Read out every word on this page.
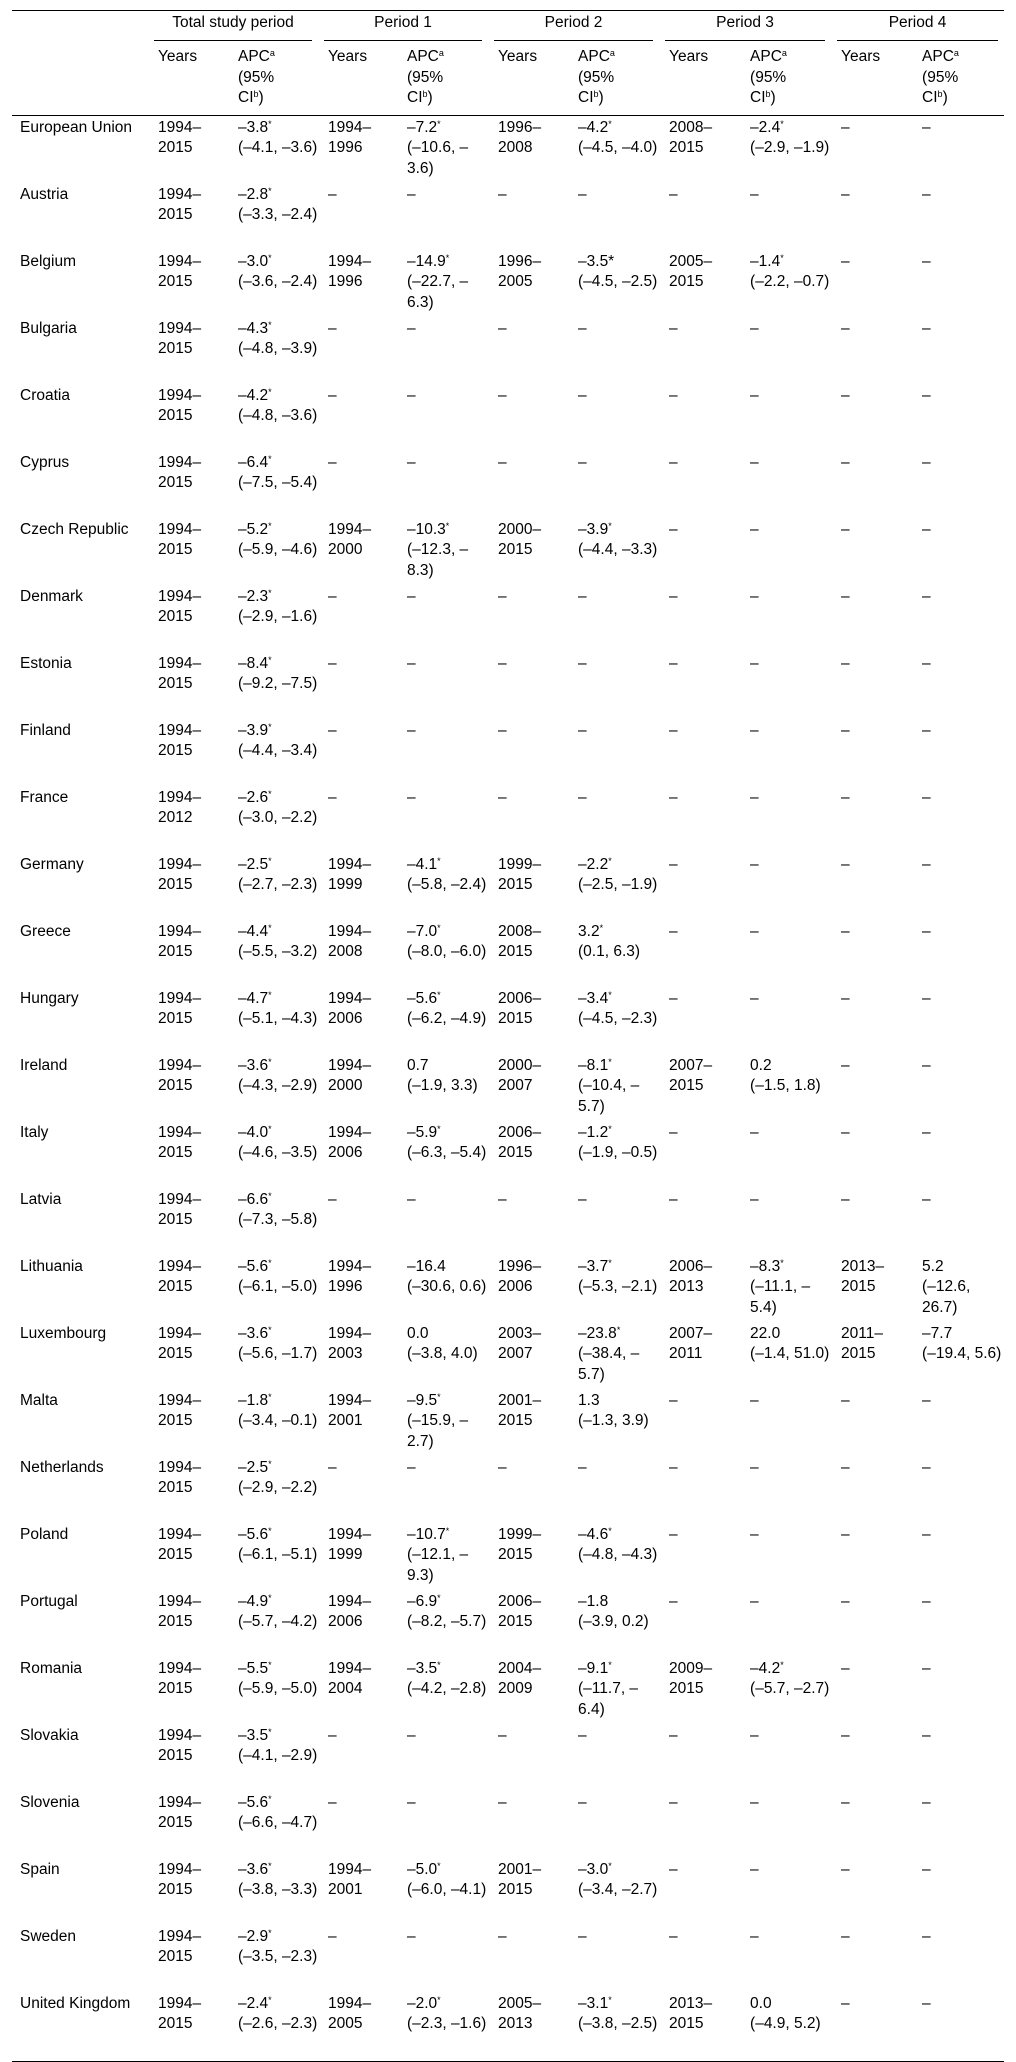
	Total study period		Period 1		Period 2		Period 3		Period 4	

	Years	APC$^a$
(95%
$CI^b$)	Years	APC$^a$
(95%
$CI^b$)	Years	APC$^a$
(95%
$CI^b$)	Years	APC$^a$
(95%
$CI^b$)	Years	APC$^a$
(95%
$CI^b$)

European Union	1994–2015	–3.8*
(–4.1, –3.6)	1994–1996	–7.2*
(–10.6, –3.6)	1996–2008	–4.2*
(–4.5, –4.0)	2008–2015	–2.4*
(–2.9, –1.9)	–	–

Austria	1994–2015	–2.8*
(–3.3, –2.4)	–	–	–	–	–	–	–	–

Belgium	1994–2015	–3.0*
(–3.6, –2.4)	1994–1996	–14.9*
(–22.7, –6.3)	1996–2005	–3.5*
(–4.5, –2.5)	2005–2015	–1.4*
(–2.2, –0.7)	–	–

Bulgaria	1994–2015	–4.3*
(–4.8, –3.9)	–	–	–	–	–	–	–	–

Croatia	1994–2015	–4.2*
(–4.8, –3.6)	–	–	–	–	–	–	–	–

Cyprus	1994–2015	–6.4*
(–7.5, –5.4)	–	–	–	–	–	–	–	–

Czech Republic	1994–2015	–5.2*
(–5.9, –4.6)	1994–2000	–10.3*
(–12.3, –8.3)	2000–2015	–3.9*
(–4.4, –3.3)	–	–	–	–

Denmark	1994–2015	–2.3*
(–2.9, –1.6)	–	–	–	–	–	–	–	–

Estonia	1994–2015	–8.4*
(–9.2, –7.5)	–	–	–	–	–	–	–	–

Finland	1994–2015	–3.9*
(–4.4, –3.4)	–	–	–	–	–	–	–	–

France	1994–2012	–2.6*
(–3.0, –2.2)	–	–	–	–	–	–	–	–

Germany	1994–2015	–2.5*
(–2.7, –2.3)	1994–1999	–4.1*
(–5.8, –2.4)	1999–2015	–2.2*
(–2.5, –1.9)	–	–	–	–

Greece	1994–2015	–4.4*
(–5.5, –3.2)	1994–2008	–7.0*
(–8.0, –6.0)	2008–2015	3.2*
(0.1, 6.3)	–	–	–	–

Hungary	1994–2015	–4.7*
(–5.1, –4.3)	1994–2006	–5.6*
(–6.2, –4.9)	2006–2015	–3.4*
(–4.5, –2.3)	–	–	–	–

Ireland	1994–2015	–3.6*
(–4.3, –2.9)	1994–2000	0.7
(–1.9, 3.3)	2000–2007	–8.1*
(–10.4, –5.7)	2007–2015	0.2
(–1.5, 1.8)	–	–

Italy	1994–2015	–4.0*
(–4.6, –3.5)	1994–2006	–5.9*
(–6.3, –5.4)	2006–2015	–1.2*
(–1.9, –0.5)	–	–	–	–

Latvia	1994–2015	–6.6*
(–7.3, –5.8)	–	–	–	–	–	–	–	–

Lithuania	1994–2015	–5.6*
(–6.1, –5.0)	1994–1996	–16.4
(–30.6, 0.6)	1996–2006	–3.7*
(–5.3, –2.1)	2006–2013	–8.3*
(–11.1, –5.4)	2013–2015	5.2
(–12.6, 26.7)
Luxembourg	1994–2015	–3.6*
(–5.6, –1.7)	1994–2003	0.0
(–3.8, 4.0)	2003–2007	–23.8*
(–38.4, –5.7)	2007–2011	22.0
(–1.4, 51.0)	2011–2015	–7.7
(–19.4, 5.6)
Malta	1994–2015	–1.8*
(–3.4, –0.1)	1994–2001	–9.5*
(–15.9, –2.7)	2001–2015	1.3
(–1.3, 3.9)	–	–	–	–

Netherlands	1994–2015	–2.5*
(–2.9, –2.2)	–	–	–	–	–	–	–	–

Poland	1994–2015	–5.6*
(–6.1, –5.1)	1994–1999	–10.7*
(–12.1, –9.3)	1999–2015	–4.6*
(–4.8, –4.3)	–	–	–	–

Portugal	1994–2015	–4.9*
(–5.7, –4.2)	1994–2006	–6.9*
(–8.2, –5.7)	2006–2015	–1.8
(–3.9, 0.2)	–	–	–	–

Romania	1994–2015	–5.5*
(–5.9, –5.0)	1994–2004	–3.5*
(–4.2, –2.8)	2004–2009	–9.1*
(–11.7, –6.4)	2009–2015	–4.2*
(–5.7, –2.7)	–	–

Slovakia	1994–2015	–3.5*
(–4.1, –2.9)	–	–	–	–	–	–	–	–

Slovenia	1994–2015	–5.6*
(–6.6, –4.7)	–	–	–	–	–	–	–	–

Spain	1994–2015	–3.6*
(–3.8, –3.3)	1994–2001	–5.0*
(–6.0, –4.1)	2001–2015	–3.0*
(–3.4, –2.7)	–	–	–	–

Sweden	1994–2015	–2.9*
(–3.5, –2.3)	–	–	–	–	–	–	–	–

United Kingdom	1994–2015	–2.4*
(–2.6, –2.3)	1994–2005	–2.0*
(–2.3, –1.6)	2005–2013	–3.1*
(–3.8, –2.5)	2013–2015	0.0
(–4.9, 5.2)	–	–
